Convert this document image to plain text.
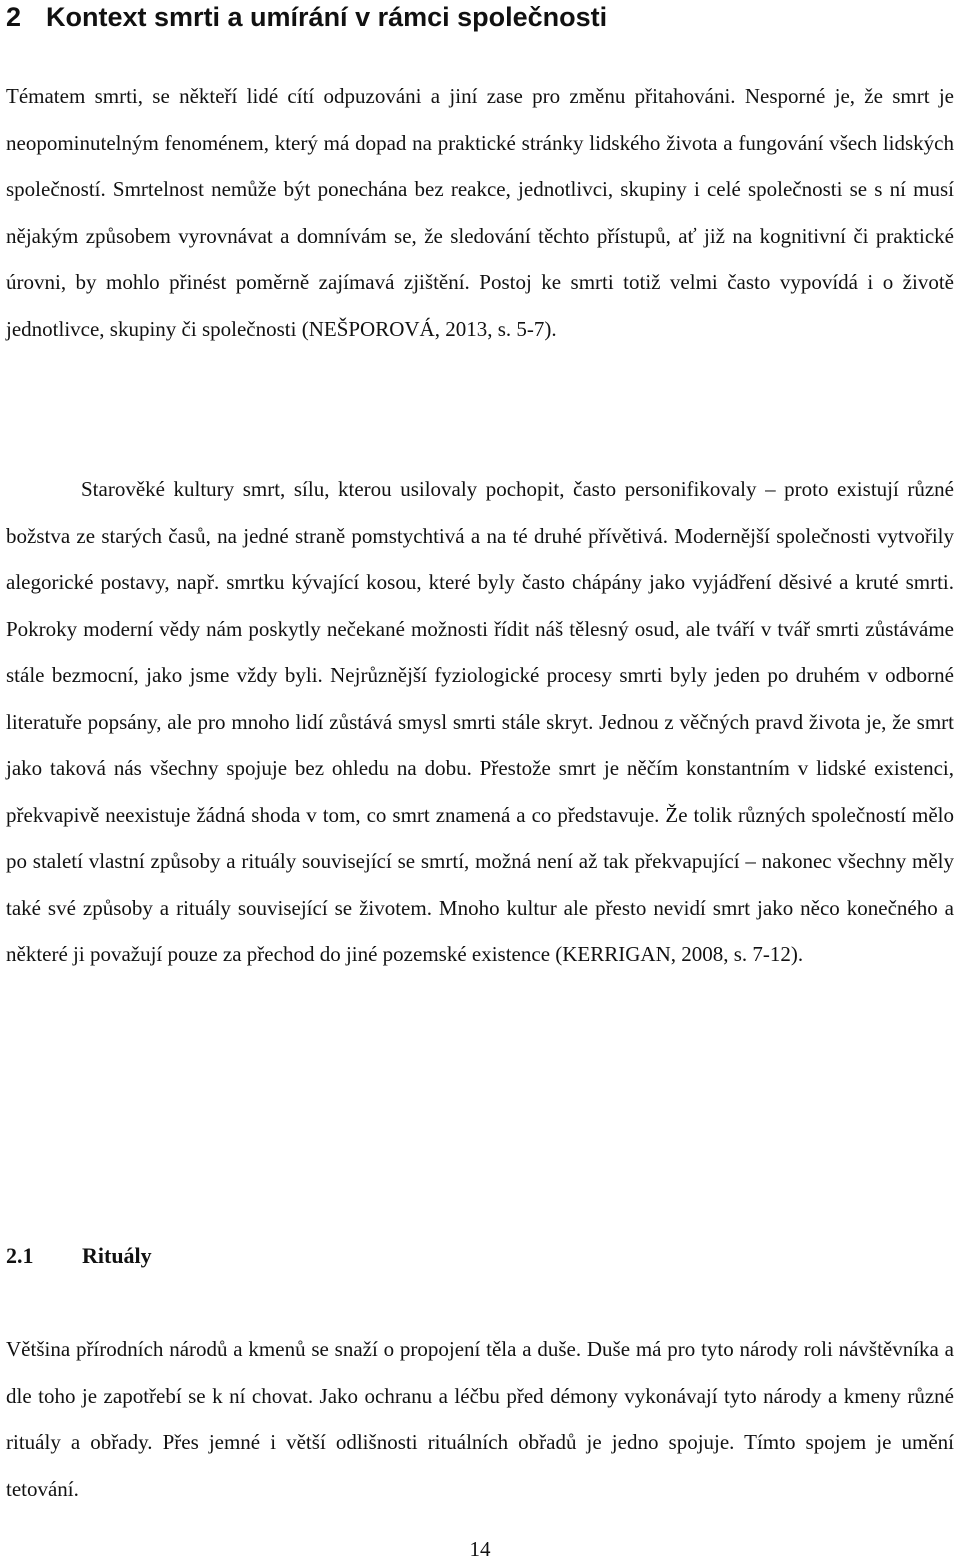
2 Kontext smrti a umírání v rámci společnosti

Tématem smrti, se někteří lidé cítí odpuzováni a jiní zase pro změnu přitahováni. Nesporné je, že smrt je neopominutelným fenoménem, který má dopad na praktické stránky lidského života a fungování všech lidských společností. Smrtelnost nemůže být ponechána bez reakce, jednotlivci, skupiny i celé společnosti se s ní musí nějakým způsobem vyrovnávat a domnívám se, že sledování těchto přístupů, ať již na kognitivní či praktické úrovni, by mohlo přinést poměrně zajímavá zjištění. Postoj ke smrti totiž velmi často vypovídá i o životě jednotlivce, skupiny či společnosti (NEŠPOROVÁ, 2013, s. 5-7).

Starověké kultury smrt, sílu, kterou usilovaly pochopit, často personifikovaly – proto existují různé božstva ze starých časů, na jedné straně pomstychtivá a na té druhé přívětivá. Modernější společnosti vytvořily alegorické postavy, např. smrtku kývající kosou, které byly často chápány jako vyjádření děsivé a kruté smrti. Pokroky moderní vědy nám poskytly nečekané možnosti řídit náš tělesný osud, ale tváří v tvář smrti zůstáváme stále bezmocní, jako jsme vždy byli. Nejrůznější fyziologické procesy smrti byly jeden po druhém v odborné literatuře popsány, ale pro mnoho lidí zůstává smysl smrti stále skryt. Jednou z věčných pravd života je, že smrt jako taková nás všechny spojuje bez ohledu na dobu. Přestože smrt je něčím konstantním v lidské existenci, překvapivě neexistuje žádná shoda v tom, co smrt znamená a co představuje. Že tolik různých společností mělo po staletí vlastní způsoby a rituály související se smrtí, možná není až tak překvapující – nakonec všechny měly také své způsoby a rituály související se životem. Mnoho kultur ale přesto nevidí smrt jako něco konečného a některé ji považují pouze za přechod do jiné pozemské existence (KERRIGAN, 2008, s. 7-12).

2.1 Rituály

Většina přírodních národů a kmenů se snaží o propojení těla a duše. Duše má pro tyto národy roli návštěvníka a dle toho je zapotřebí se k ní chovat. Jako ochranu a léčbu před démony vykonávají tyto národy a kmeny různé rituály a obřady. Přes jemné i větší odlišnosti rituálních obřadů je jedno spojuje. Tímto spojem je umění tetování.

14
